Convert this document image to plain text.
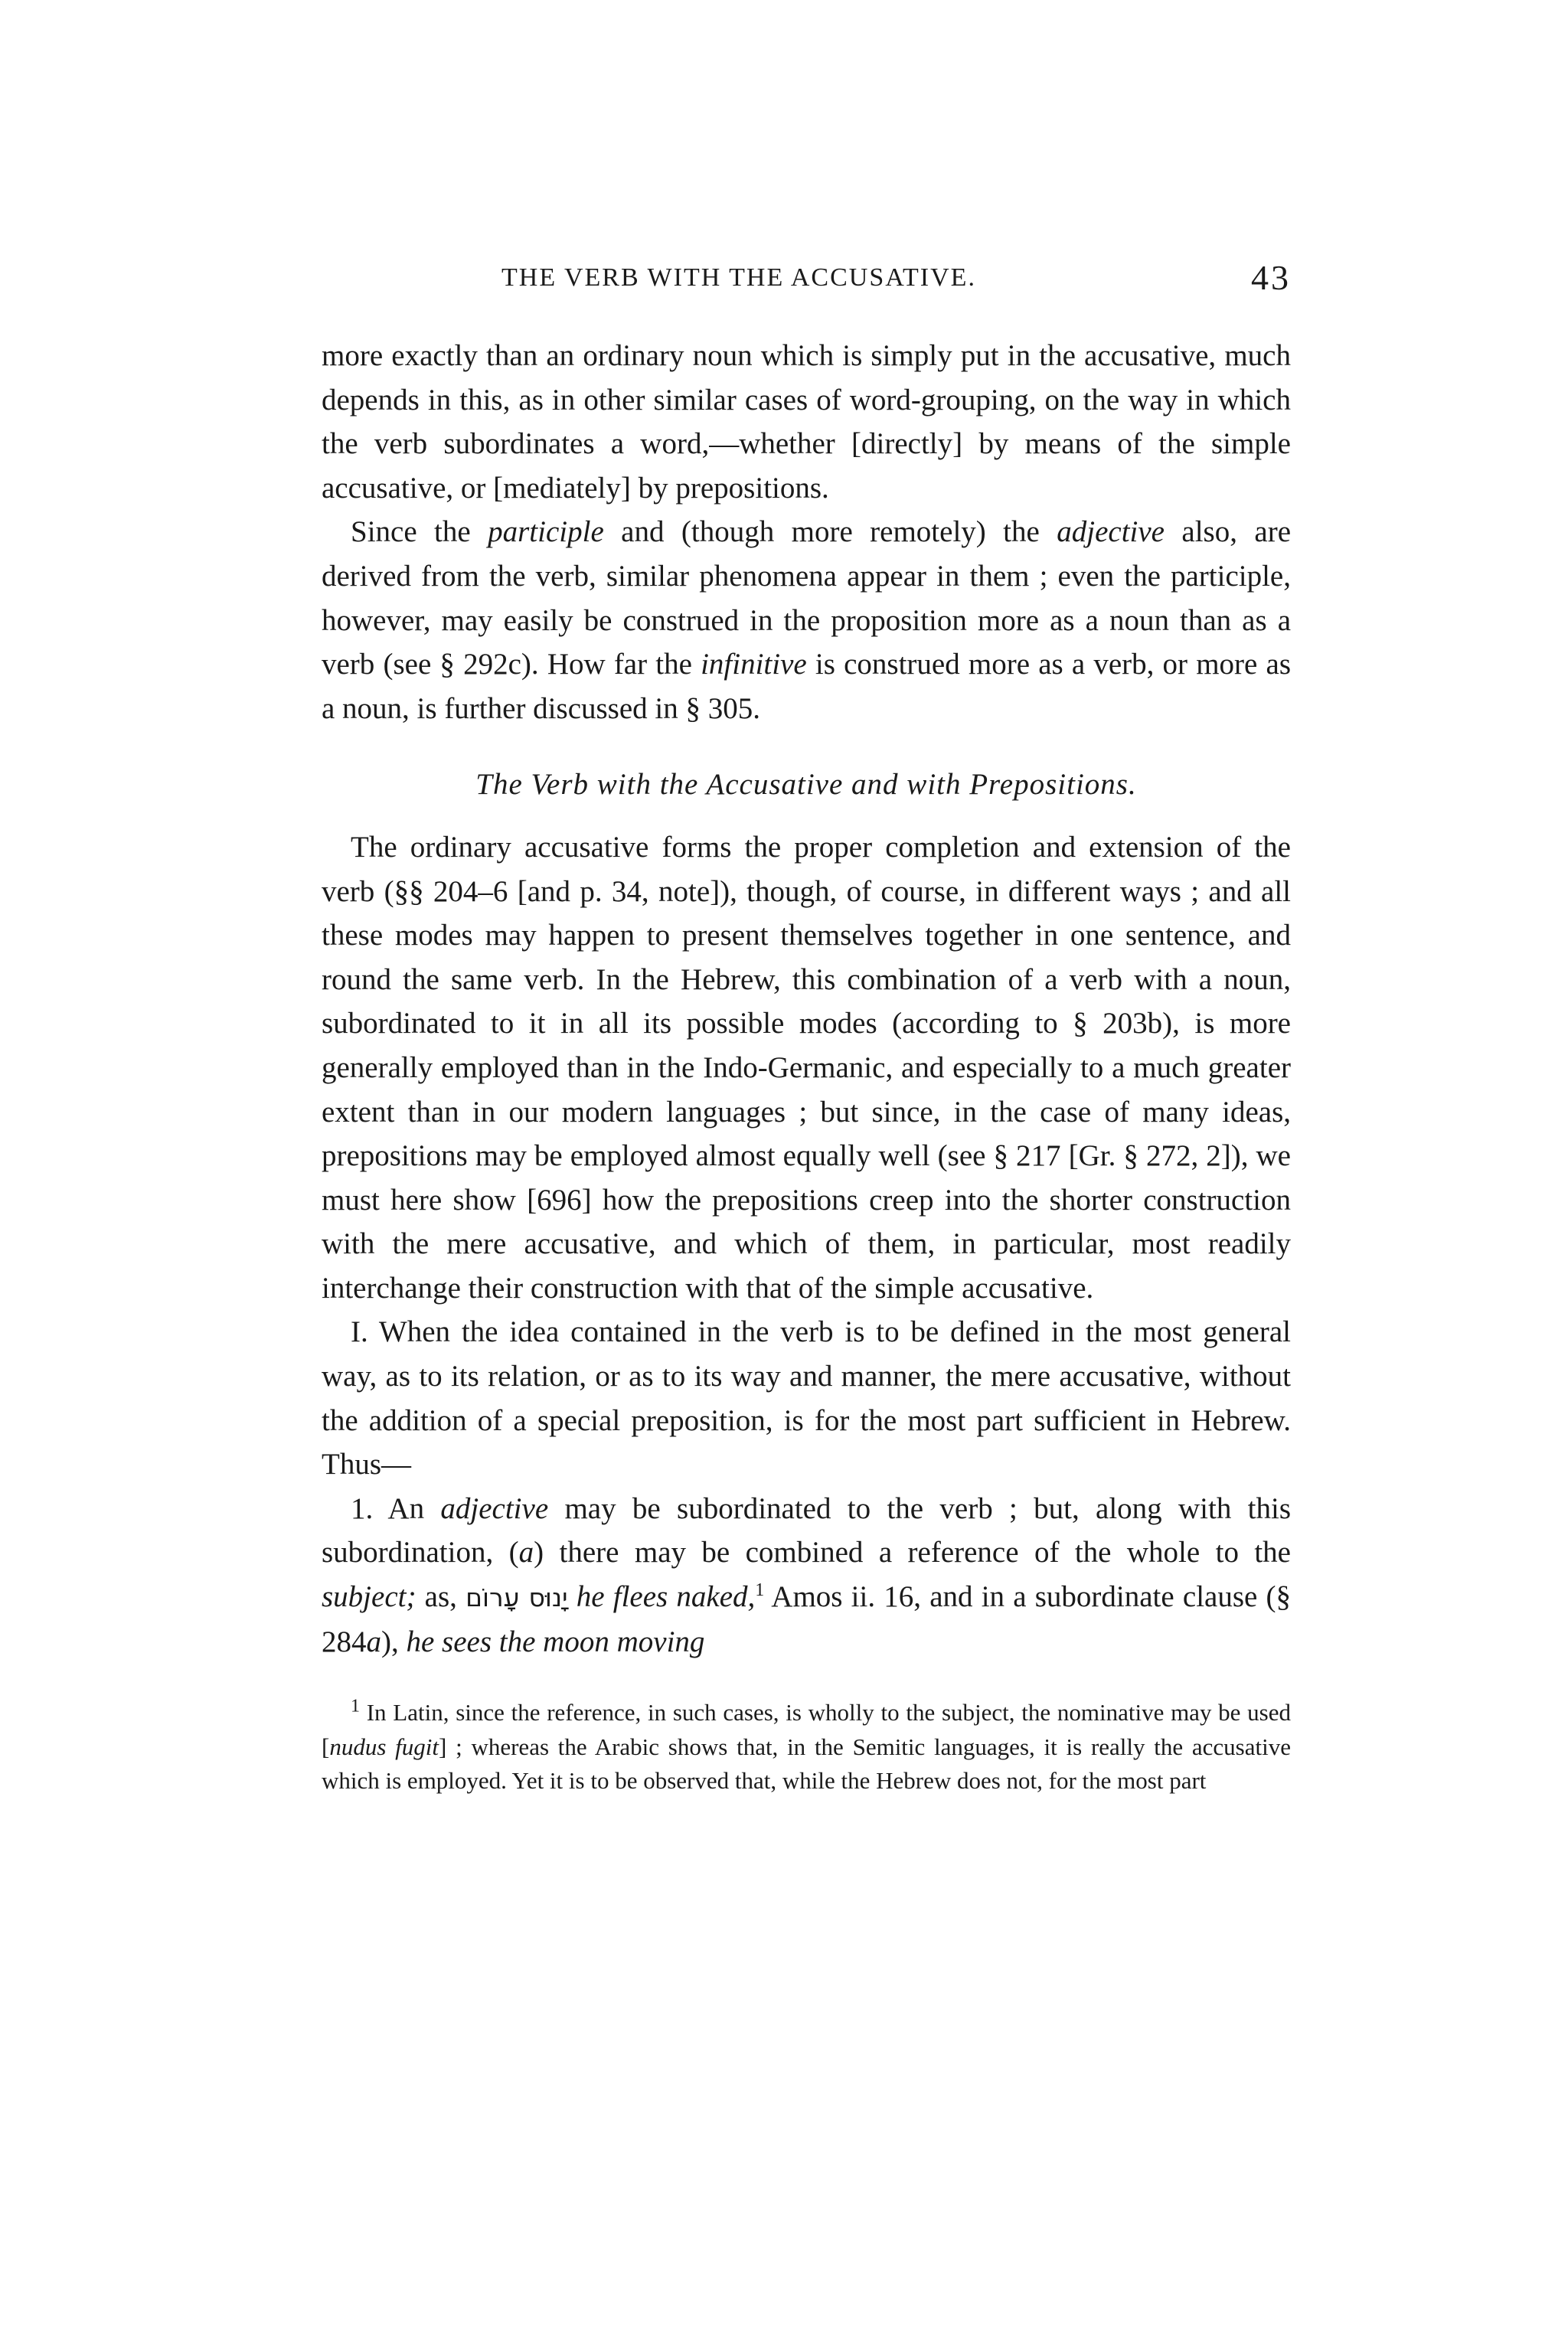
THE VERB WITH THE ACCUSATIVE.	43

more exactly than an ordinary noun which is simply put in the accusative, much depends in this, as in other similar cases of word-grouping, on the way in which the verb subordinates a word,—whether [directly] by means of the simple accusative, or [mediately] by prepositions.

Since the participle and (though more remotely) the adjective also, are derived from the verb, similar phenomena appear in them ; even the participle, however, may easily be construed in the proposition more as a noun than as a verb (see § 292c). How far the infinitive is construed more as a verb, or more as a noun, is further discussed in § 305.

The Verb with the Accusative and with Prepositions.

The ordinary accusative forms the proper completion and extension of the verb (§§ 204–6 [and p. 34, note]), though, of course, in different ways ; and all these modes may happen to present themselves together in one sentence, and round the same verb. In the Hebrew, this combination of a verb with a noun, subordinated to it in all its possible modes (according to § 203b), is more generally employed than in the Indo-Germanic, and especially to a much greater extent than in our modern languages ; but since, in the case of many ideas, prepositions may be employed almost equally well (see § 217 [Gr. § 272, 2]), we must here show [696] how the prepositions creep into the shorter construction with the mere accusative, and which of them, in particular, most readily interchange their construction with that of the simple accusative.

I. When the idea contained in the verb is to be defined in the most general way, as to its relation, or as to its way and manner, the mere accusative, without the addition of a special preposition, is for the most part sufficient in Hebrew. Thus—

1. An adjective may be subordinated to the verb ; but, along with this subordination, (a) there may be combined a reference of the whole to the subject; as, יָנוּס עָרוֹם he flees naked,$^1$ Amos ii. 16, and in a subordinate clause (§ 284a), he sees the moon moving

$^1$ In Latin, since the reference, in such cases, is wholly to the subject, the nominative may be used [nudus fugit] ; whereas the Arabic shows that, in the Semitic languages, it is really the accusative which is employed. Yet it is to be observed that, while the Hebrew does not, for the most part
